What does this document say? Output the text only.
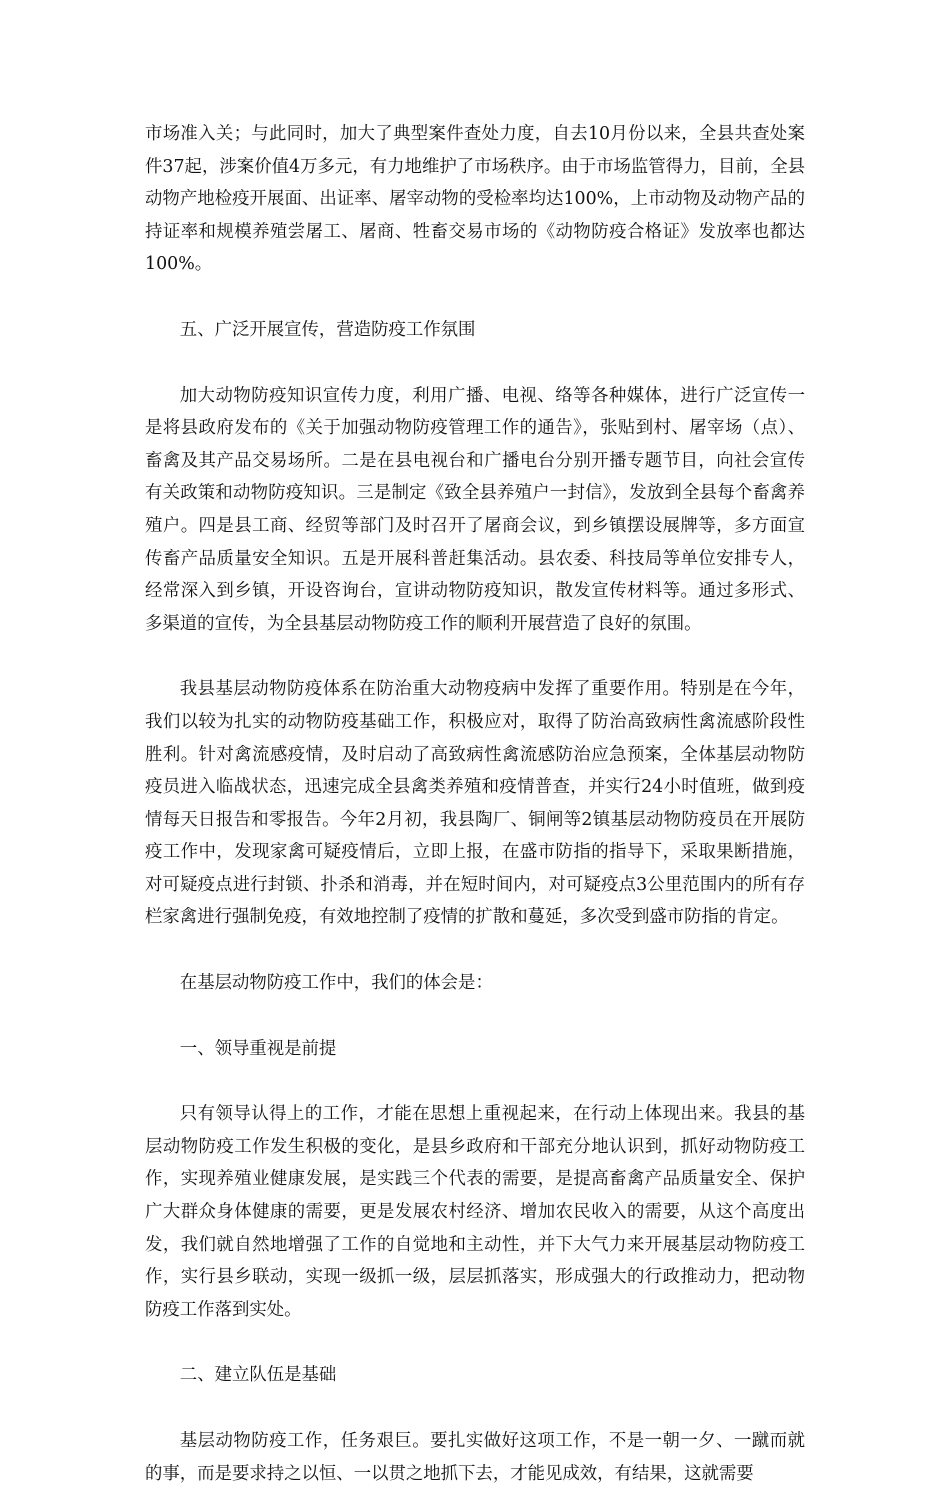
市场准入关；与此同时，加大了典型案件查处力度，自去10月份以来，全县共查处案件37起，涉案价值4万多元，有力地维护了市场秩序。由于市场监管得力，目前，全县动物产地检疫开展面、出证率、屠宰动物的受检率均达100%，上市动物及动物产品的持证率和规模养殖尝屠工、屠商、牲畜交易市场的《动物防疫合格证》发放率也都达100%。

五、广泛开展宣传，营造防疫工作氛围

加大动物防疫知识宣传力度，利用广播、电视、络等各种媒体，进行广泛宣传一是将县政府发布的《关于加强动物防疫管理工作的通告》，张贴到村、屠宰场（点）、畜禽及其产品交易场所。二是在县电视台和广播电台分别开播专题节目，向社会宣传有关政策和动物防疫知识。三是制定《致全县养殖户一封信》，发放到全县每个畜禽养殖户。四是县工商、经贸等部门及时召开了屠商会议，到乡镇摆设展牌等，多方面宣传畜产品质量安全知识。五是开展科普赶集活动。县农委、科技局等单位安排专人，经常深入到乡镇，开设咨询台，宣讲动物防疫知识，散发宣传材料等。通过多形式、多渠道的宣传，为全县基层动物防疫工作的顺利开展营造了良好的氛围。

我县基层动物防疫体系在防治重大动物疫病中发挥了重要作用。特别是在今年，我们以较为扎实的动物防疫基础工作，积极应对，取得了防治高致病性禽流感阶段性胜利。针对禽流感疫情，及时启动了高致病性禽流感防治应急预案，全体基层动物防疫员进入临战状态，迅速完成全县禽类养殖和疫情普查，并实行24小时值班，做到疫情每天日报告和零报告。今年2月初，我县陶厂、铜闸等2镇基层动物防疫员在开展防疫工作中，发现家禽可疑疫情后，立即上报，在盛市防指的指导下，采取果断措施，对可疑疫点进行封锁、扑杀和消毒，并在短时间内，对可疑疫点3公里范围内的所有存栏家禽进行强制免疫，有效地控制了疫情的扩散和蔓延，多次受到盛市防指的肯定。

在基层动物防疫工作中，我们的体会是：

一、领导重视是前提

只有领导认得上的工作，才能在思想上重视起来，在行动上体现出来。我县的基层动物防疫工作发生积极的变化，是县乡政府和干部充分地认识到，抓好动物防疫工作，实现养殖业健康发展，是实践三个代表的需要，是提高畜禽产品质量安全、保护广大群众身体健康的需要，更是发展农村经济、增加农民收入的需要，从这个高度出发，我们就自然地增强了工作的自觉地和主动性，并下大气力来开展基层动物防疫工作，实行县乡联动，实现一级抓一级，层层抓落实，形成强大的行政推动力，把动物防疫工作落到实处。

二、建立队伍是基础

基层动物防疫工作，任务艰巨。要扎实做好这项工作，不是一朝一夕、一蹴而就的事，而是要求持之以恒、一以贯之地抓下去，才能见成效，有结果，这就需要
